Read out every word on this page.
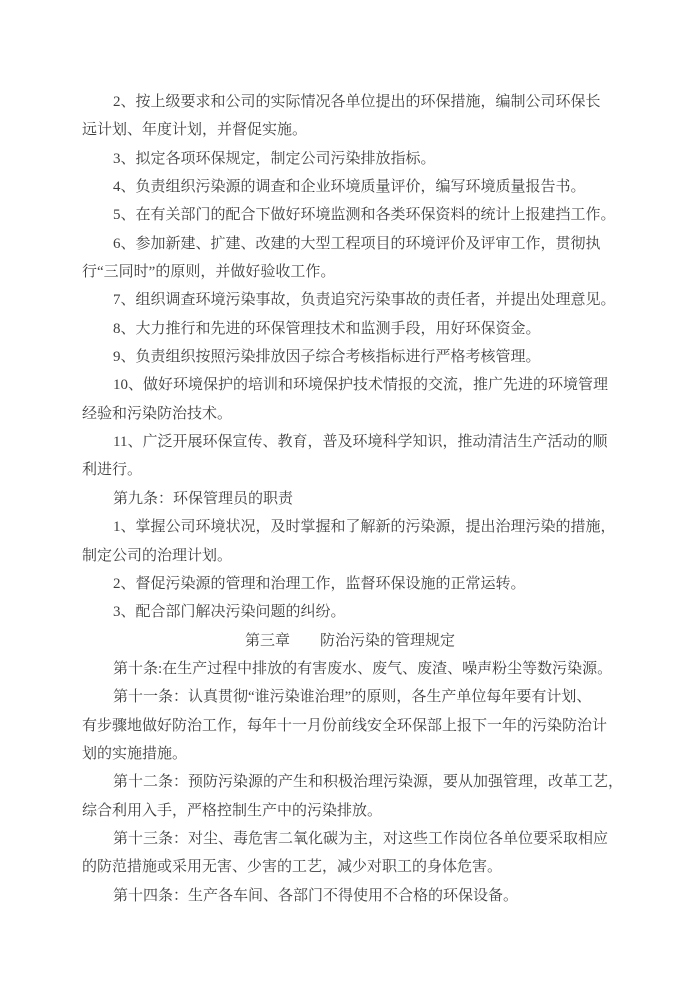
2、按上级要求和公司的实际情况各单位提出的环保措施，编制公司环保长
远计划、年度计划，并督促实施。
3、拟定各项环保规定，制定公司污染排放指标。
4、负责组织污染源的调查和企业环境质量评价，编写环境质量报告书。
5、在有关部门的配合下做好环境监测和各类环保资料的统计上报建挡工作。
6、参加新建、扩建、改建的大型工程项目的环境评价及评审工作，贯彻执
行“三同时”的原则，并做好验收工作。
7、组织调查环境污染事故，负责追究污染事故的责任者，并提出处理意见。
8、大力推行和先进的环保管理技术和监测手段，用好环保资金。
9、负责组织按照污染排放因子综合考核指标进行严格考核管理。
10、做好环境保护的培训和环境保护技术情报的交流，推广先进的环境管理
经验和污染防治技术。
11、广泛开展环保宣传、教育，普及环境科学知识，推动清洁生产活动的顺
利进行。
第九条：环保管理员的职责
1、掌握公司环境状况，及时掌握和了解新的污染源，提出治理污染的措施，
制定公司的治理计划。
2、督促污染源的管理和治理工作，监督环保设施的正常运转。
3、配合部门解决污染问题的纠纷。
第三章　　防治污染的管理规定
第十条:在生产过程中排放的有害废水、废气、废渣、噪声粉尘等数污染源。
第十一条：认真贯彻“谁污染谁治理”的原则，各生产单位每年要有计划、
有步骤地做好防治工作，每年十一月份前线安全环保部上报下一年的污染防治计
划的实施措施。
第十二条：预防污染源的产生和积极治理污染源，要从加强管理，改革工艺，
综合利用入手，严格控制生产中的污染排放。
第十三条：对尘、毒危害二氧化碳为主，对这些工作岗位各单位要采取相应
的防范措施或采用无害、少害的工艺，减少对职工的身体危害。
第十四条：生产各车间、各部门不得使用不合格的环保设备。
